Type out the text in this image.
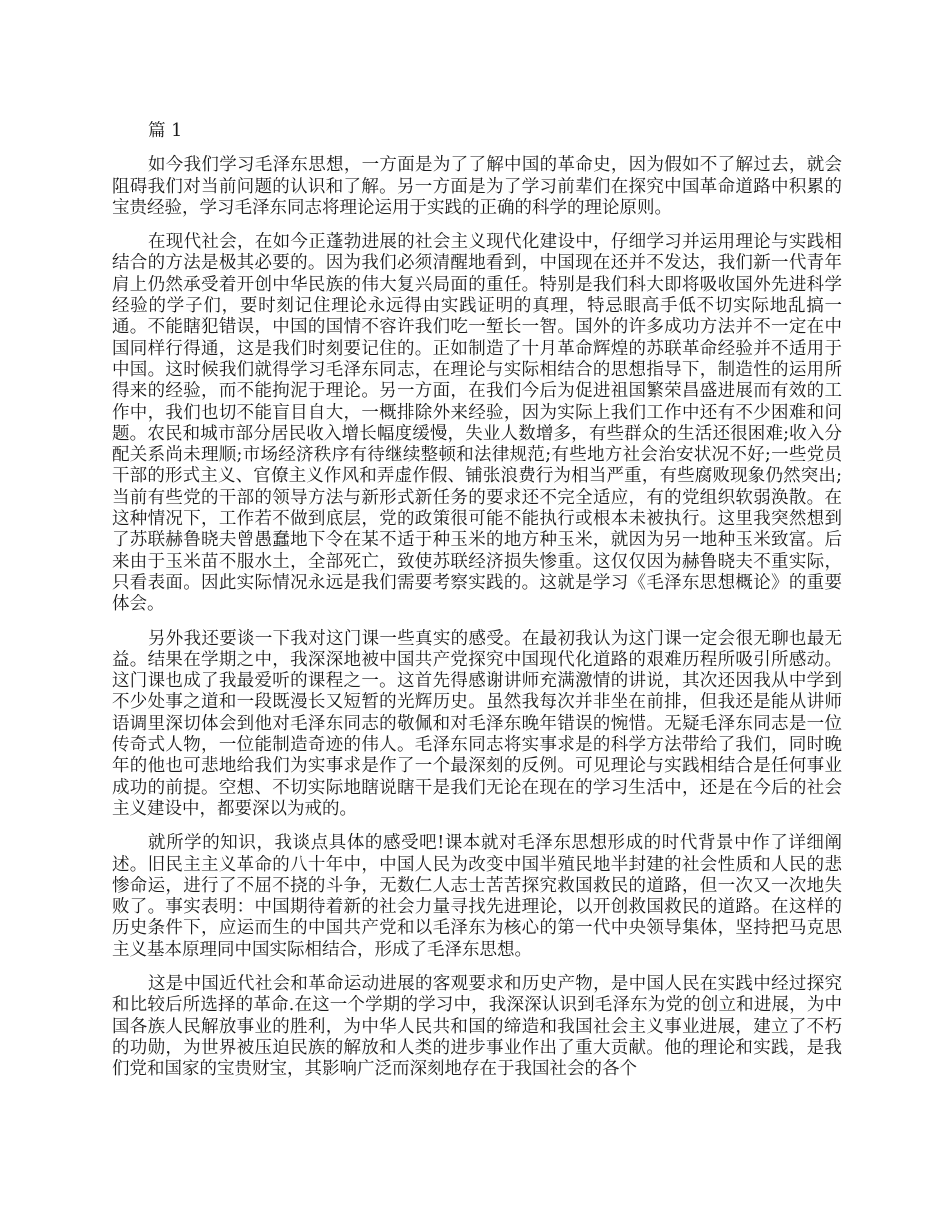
篇 1

如今我们学习毛泽东思想，一方面是为了了解中国的革命史，因为假如不了解过去，就会阻碍我们对当前问题的认识和了解。另一方面是为了学习前辈们在探究中国革命道路中积累的宝贵经验，学习毛泽东同志将理论运用于实践的正确的科学的理论原则。

在现代社会，在如今正蓬勃进展的社会主义现代化建设中，仔细学习并运用理论与实践相结合的方法是极其必要的。因为我们必须清醒地看到，中国现在还并不发达，我们新一代青年肩上仍然承受着开创中华民族的伟大复兴局面的重任。特别是我们科大即将吸收国外先进科学经验的学子们，要时刻记住理论永远得由实践证明的真理，特忌眼高手低不切实际地乱搞一通。不能瞎犯错误，中国的国情不容许我们吃一堑长一智。国外的许多成功方法并不一定在中国同样行得通，这是我们时刻要记住的。正如制造了十月革命辉煌的苏联革命经验并不适用于中国。这时候我们就得学习毛泽东同志，在理论与实际相结合的思想指导下，制造性的运用所得来的经验，而不能拘泥于理论。另一方面，在我们今后为促进祖国繁荣昌盛进展而有效的工作中，我们也切不能盲目自大，一概排除外来经验，因为实际上我们工作中还有不少困难和问题。农民和城市部分居民收入增长幅度缓慢，失业人数增多，有些群众的生活还很困难;收入分配关系尚未理顺;市场经济秩序有待继续整顿和法律规范;有些地方社会治安状况不好;一些党员干部的形式主义、官僚主义作风和弄虚作假、铺张浪费行为相当严重，有些腐败现象仍然突出;当前有些党的干部的领导方法与新形式新任务的要求还不完全适应，有的党组织软弱涣散。在这种情况下，工作若不做到底层，党的政策很可能不能执行或根本未被执行。这里我突然想到了苏联赫鲁晓夫曾愚蠢地下令在某不适于种玉米的地方种玉米，就因为另一地种玉米致富。后来由于玉米苗不服水土，全部死亡，致使苏联经济损失惨重。这仅仅因为赫鲁晓夫不重实际，只看表面。因此实际情况永远是我们需要考察实践的。这就是学习《毛泽东思想概论》的重要体会。

另外我还要谈一下我对这门课一些真实的感受。在最初我认为这门课一定会很无聊也最无益。结果在学期之中，我深深地被中国共产党探究中国现代化道路的艰难历程所吸引所感动。这门课也成了我最爱听的课程之一。这首先得感谢讲师充满激情的讲说，其次还因我从中学到不少处事之道和一段既漫长又短暂的光辉历史。虽然我每次并非坐在前排，但我还是能从讲师语调里深切体会到他对毛泽东同志的敬佩和对毛泽东晚年错误的惋惜。无疑毛泽东同志是一位传奇式人物，一位能制造奇迹的伟人。毛泽东同志将实事求是的科学方法带给了我们，同时晚年的他也可悲地给我们为实事求是作了一个最深刻的反例。可见理论与实践相结合是任何事业成功的前提。空想、不切实际地瞎说瞎干是我们无论在现在的学习生活中，还是在今后的社会主义建设中，都要深以为戒的。

就所学的知识，我谈点具体的感受吧!课本就对毛泽东思想形成的时代背景中作了详细阐述。旧民主主义革命的八十年中，中国人民为改变中国半殖民地半封建的社会性质和人民的悲惨命运，进行了不屈不挠的斗争，无数仁人志士苦苦探究救国救民的道路，但一次又一次地失败了。事实表明：中国期待着新的社会力量寻找先进理论，以开创救国救民的道路。在这样的历史条件下，应运而生的中国共产党和以毛泽东为核心的第一代中央领导集体，坚持把马克思主义基本原理同中国实际相结合，形成了毛泽东思想。

这是中国近代社会和革命运动进展的客观要求和历史产物，是中国人民在实践中经过探究和比较后所选择的革命.在这一个学期的学习中，我深深认识到毛泽东为党的创立和进展，为中国各族人民解放事业的胜利，为中华人民共和国的缔造和我国社会主义事业进展，建立了不朽的功勋，为世界被压迫民族的解放和人类的进步事业作出了重大贡献。他的理论和实践，是我们党和国家的宝贵财宝，其影响广泛而深刻地存在于我国社会的各个
